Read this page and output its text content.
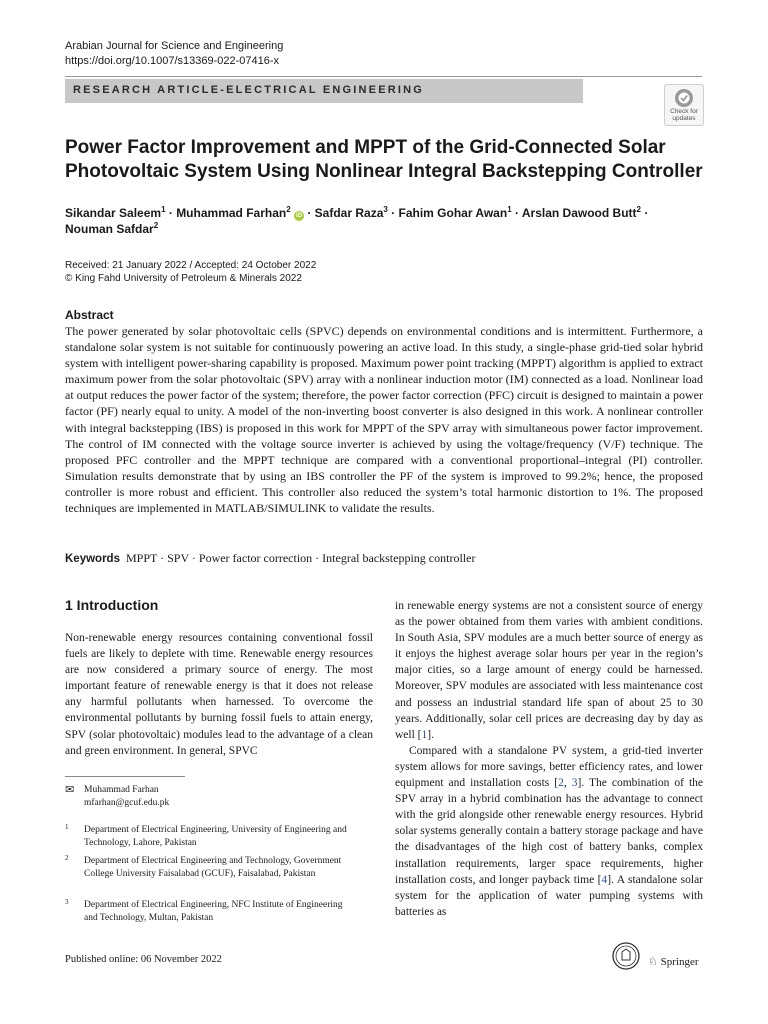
Arabian Journal for Science and Engineering
https://doi.org/10.1007/s13369-022-07416-x
RESEARCH ARTICLE-ELECTRICAL ENGINEERING
Check for updates
Power Factor Improvement and MPPT of the Grid-Connected Solar Photovoltaic System Using Nonlinear Integral Backstepping Controller
Sikandar Saleem$^1$ · Muhammad Farhan$^2$ iD · Safdar Raza$^3$ · Fahim Gohar Awan$^1$ · Arslan Dawood Butt$^2$ ·
Nouman Safdar$^2$
Received: 21 January 2022 / Accepted: 24 October 2022
© King Fahd University of Petroleum & Minerals 2022
Abstract
The power generated by solar photovoltaic cells (SPVC) depends on environmental conditions and is intermittent. Furthermore, a standalone solar system is not suitable for continuously powering an active load. In this study, a single-phase grid-tied solar hybrid system with intelligent power-sharing capability is proposed. Maximum power point tracking (MPPT) algorithm is applied to extract maximum power from the solar photovoltaic (SPV) array with a nonlinear induction motor (IM) connected as a load. Nonlinear load at output reduces the power factor of the system; therefore, the power factor correction (PFC) circuit is designed to maintain a power factor (PF) nearly equal to unity. A model of the non-inverting boost converter is also designed in this work. A nonlinear controller with integral backstepping (IBS) is proposed in this work for MPPT of the SPV array with simultaneous power factor improvement. The control of IM connected with the voltage source inverter is achieved by using the voltage/frequency (V/F) technique. The proposed PFC controller and the MPPT technique are compared with a conventional proportional–integral (PI) controller. Simulation results demonstrate that by using an IBS controller the PF of the system is improved to 99.2%; hence, the proposed controller is more robust and efficient. This controller also reduced the system’s total harmonic distortion to 1%. The proposed techniques are implemented in MATLAB/SIMULINK to validate the results.
Keywords MPPT · SPV · Power factor correction · Integral backstepping controller
1 Introduction

Non-renewable energy resources containing conventional fossil fuels are likely to deplete with time. Renewable energy resources are now considered a primary source of energy. The most important feature of renewable energy is that it does not release any harmful pollutants when harnessed. To overcome the environmental pollutants by burning fossil fuels to attain energy, SPV (solar photovoltaic) modules lead to the advantage of a clean and green environment. In general, SPVC

in renewable energy systems are not a consistent source of energy as the power obtained from them varies with ambient conditions. In South Asia, SPV modules are a much better source of energy as it enjoys the highest average solar hours per year in the region’s major cities, so a large amount of energy could be harnessed. Moreover, SPV modules are associated with less maintenance cost and possess an industrial standard life span of about 25 to 30 years. Additionally, solar cell prices are decreasing day by day as well [1].

Compared with a standalone PV system, a grid-tied inverter system allows for more savings, better efficiency rates, and lower equipment and installation costs [2, 3]. The combination of the SPV array in a hybrid combination has the advantage to connect with the grid alongside other renewable energy resources. Hybrid solar systems generally contain a battery storage package and have the disadvantages of the high cost of battery banks, complex installation requirements, larger space requirements, higher installation costs, and longer payback time [4]. A standalone solar system for the application of water pumping systems with batteries as

✉ Muhammad Farhan
mfarhan@gcuf.edu.pk
1 Department of Electrical Engineering, University of Engineering and Technology, Lahore, Pakistan
2 Department of Electrical Engineering and Technology, Government College University Faisalabad (GCUF), Faisalabad, Pakistan
3 Department of Electrical Engineering, NFC Institute of Engineering and Technology, Multan, Pakistan
Published online: 06 November 2022	♘ Springer
